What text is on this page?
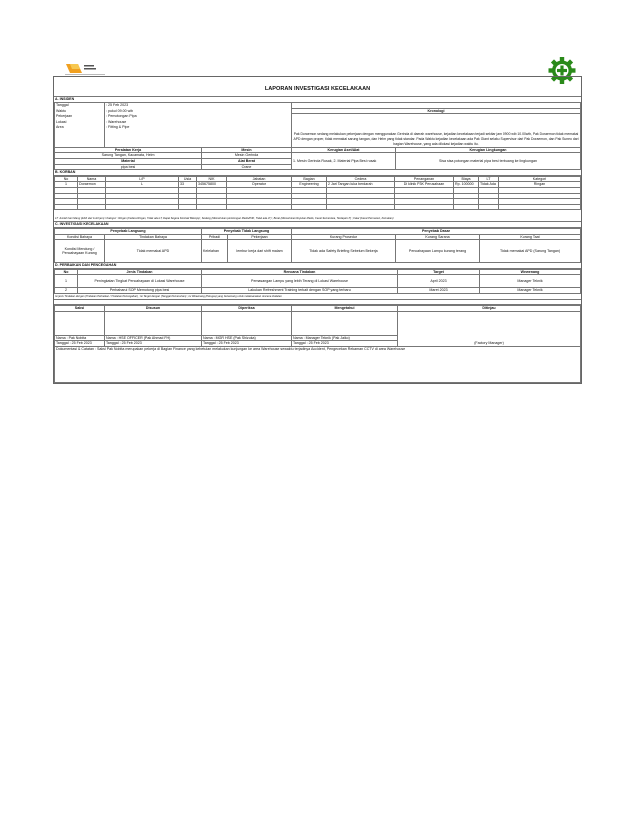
LAPORAN INVESTIGASI KECELAKAAN
A. INSIDEN
Tanggal	: 25 Feb 2023			
Waktu	: pukul 09.00 wib		Kronologi	
Pekerjaan	: Pemotongan Pipa		Pak Doraemon sedang melakukan pekerjaan dengan menggunakan Gerinda di daerah warehouse, kejadian kecelakaan terjadi sekitar jam 0900 wib 10.00wib, Pak Doraemon tidak memakai APD dengan proper, tidak memakai sarung tangan, dan Helm yang tidak standar. Pada Waktu kejadian kecelakaan ada Pak Giant selaku Supervisor dari Pak Doraemon, dan Pak Suneo dari bagian Warehouse, yang ada dilokasi kejadian waktu itu.	
Lokasi	: Warehouse			
Area	: Fitting & Pipe			

Peralatan Kerja		Mesin	Kerugian Aset/Alat	Kerugian Lingkungan
Sarung Tangan, Kacamata, Helm		Mesin Gerinda	1. Mesin Gerinda Rusak, 2. Material Pipa Besi rusak	Sisa sisa potongan material pipa besi terbuang ke lingkungan
Material		Alat Berat		
pipa besi		Crane		
B. KORBAN
No	Nama	L/P	Usia	NIK	Jabatan	Bagian	Cedera	Penanganan	Biaya	LT	Kategori
1	Doraemon	L	33	345675800	Operator	Engineering	2 Jari Tangan luka berdarah	Di klinik P3K Perusahaan	Rp. 100000	Tidak Ada	Ringan

LT: Jumlah hari hilang (lebih dari 1x24 jam) / Kategori : Ringan (Cedera Ringan, Tidak ada LT, Dapat Segera Kembali Bekerja) ; Sedang (Memerlukan pertolongan Medis/P3K, Tidak ada LT) ; Berat (Memerlukan Rujukan Medis, Cacat Sementara, Terdapat LT) ; Fatal (Cacat Permanen, Kematian)
C. INVESTIGASI KECELAKAAN
Penyebab Langsung		Penyebab Tidak Langsung		Penyebab Dasar		
Kondisi Bahaya	Tindakan Bahaya	Pribadi	Pekerjaan	Kurang Prosedur	Kurang Sarana	Kurang Taat
Kondisi Mendung / Pencahayaan Kurang	Tidak memakai APD	Kelelahan	lembur kerja dari shift malam	Tidak ada Safety Briefing Sebelum Bekerja	Pencahayaan Lampu kurang terang	Tidak memakai APD (Sarung Tangan)
D. PERBAIKAN DAN PENCEGAHAN
No	Jenis Tindakan	Rencana Tindakan	Target	Wewenang
1	Peningkatan Tingkat Pencahayaan di Lokasi Warehouse	Pemasangan Lampu yang lebih Terang di Lokasi Warehouse	April 2023	Manager Teknik
2	Perbaharui SOP Memotong pipa besi	Lakukan Refreshment Training terkait dengan SOP yang terbaru	Maret 2023	Manager Teknik
Isi jenis Tindakan dengan (Tindakan Perbaikan / Tindakan Pencegahan) ; Isi Target dengan (Tanggal Pemenuhan) ; Isi Wewenang (Petugas) yang berwenang untuk melaksanakan rencana tindakan
Saksi	Disusun	Diperiksa	Mengetahui	Ditinjau
				(Factory Manager)
Nama : Pak Nobita	Nama : HSE OFFICER (Pak Ahmad FH)	Nama : MGR HSE (Pak Shizuka)	Nama : Manager Teknik (Pak Jaiko)	
Tanggal : 25 Feb 2023	Tanggal : 25 Feb 2023	Tanggal : 25 Feb 2023	Tanggal : 25 Feb 2023	
Dokumentasi & Catatan : Saksi Pak Nobita merupakan pekerja di Bagian Finance yang kebetulan melakukan kunjungan ke area Warehouse sewaktu terjadinya Accident, Pengecekan Rekaman CCTV di area Warehouse				
